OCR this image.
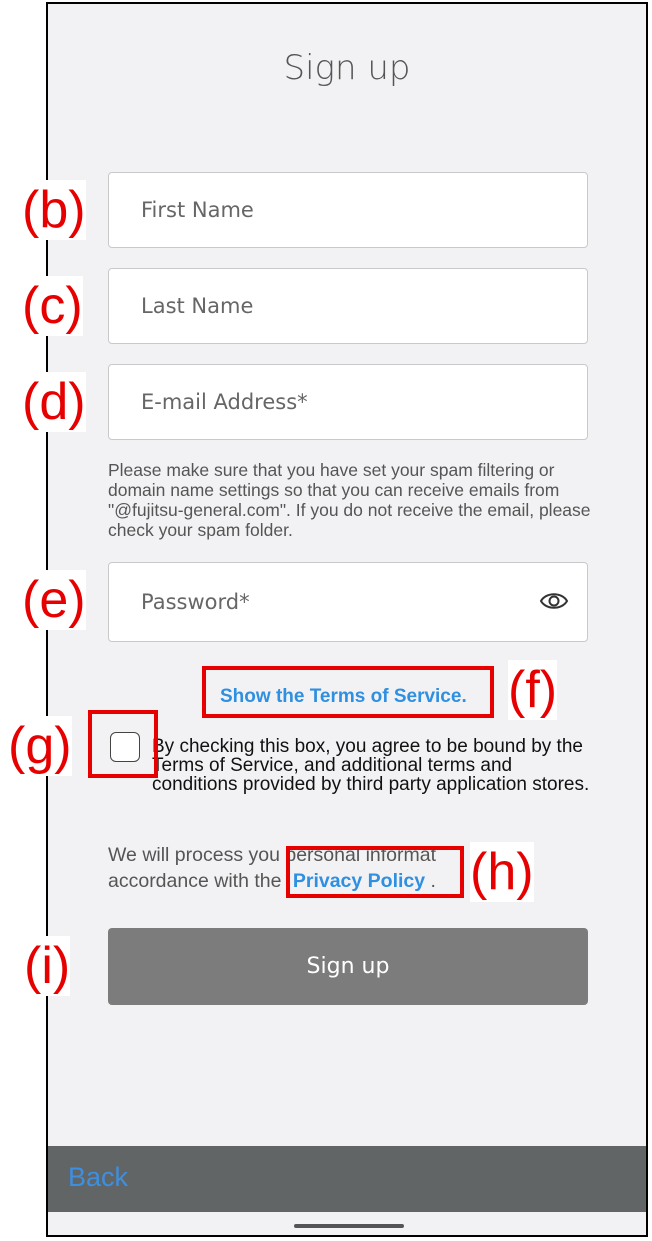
Sign up
First Name
Last Name
E-mail Address*
Please make sure that you have set your spam filtering or domain name settings so that you can receive emails from "@fujitsu-general.com". If you do not receive the email, please check your spam folder.
Show the Terms of Service.
By checking this box, you agree to be bound by the Terms of Service, and additional terms and conditions provided by third party application stores.
We will process you personal informat
accordance with the Privacy Policy .
Sign up
Back
(b)
(c)
(d)
(e)
(f)
(g)
(h)
(i)
